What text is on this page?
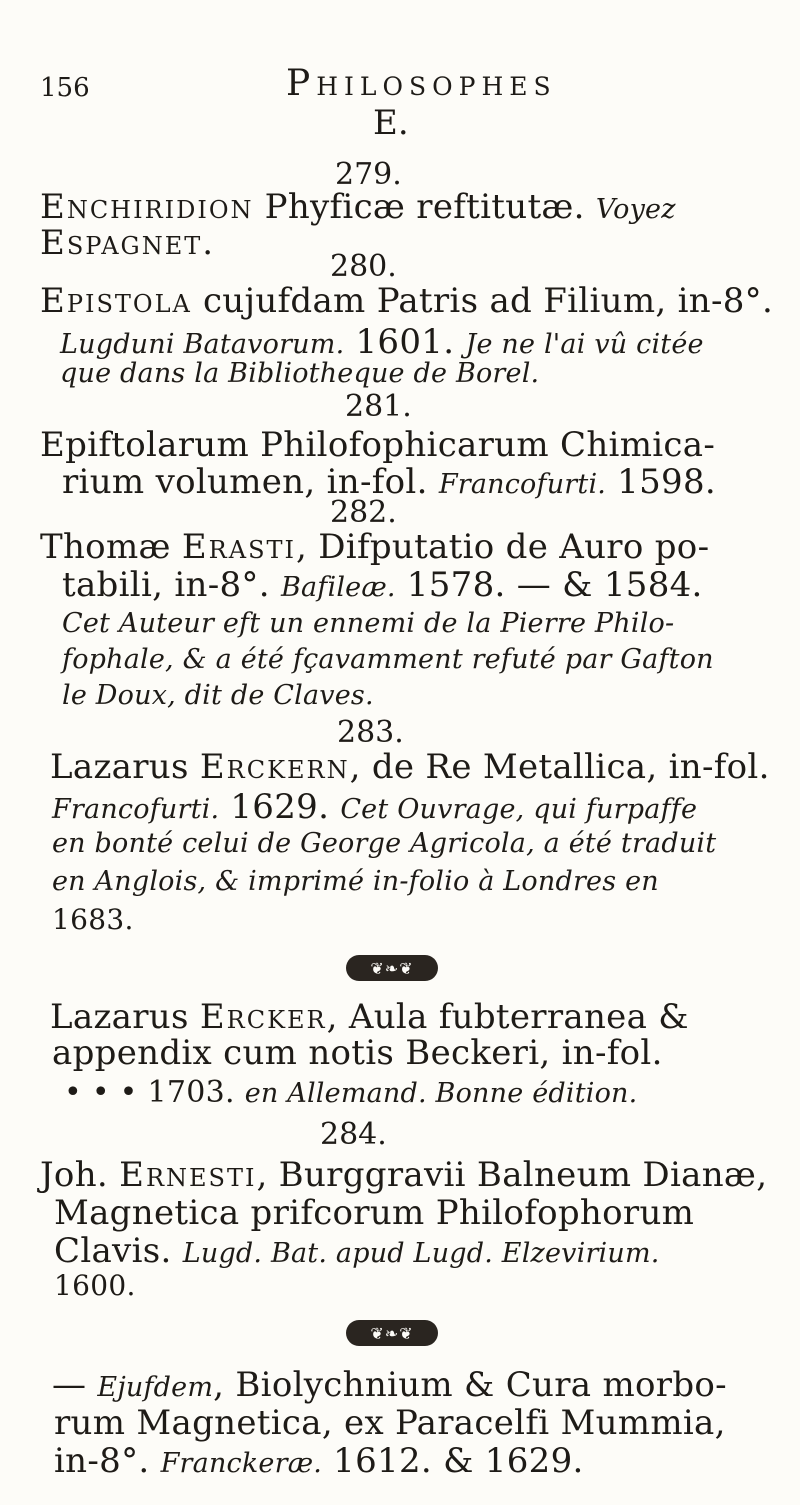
156	Philosophes
E.
279.
Enchiridion Phyficæ reftitutæ. Voyez
Espagnet.
280.
Epistola cujufdam Patris ad Filium, in-8°.
Lugduni Batavorum. 1601. Je ne l'ai vû citée
que dans la Bibliotheque de Borel.
281.
Epiftolarum Philofophicarum Chimica-
rium volumen, in-fol. Francofurti. 1598.
282.
Thomæ Erasti, Difputatio de Auro po-
tabili, in-8°. Bafileæ. 1578. — & 1584.
Cet Auteur eft un ennemi de la Pierre Philo-
fophale, & a été fçavamment refuté par Gafton
le Doux, dit de Claves.
283.
Lazarus Erckern, de Re Metallica, in-fol.
Francofurti. 1629. Cet Ouvrage, qui furpaffe
en bonté celui de George Agricola, a été traduit
en Anglois, & imprimé in-folio à Londres en
1683.
❦❧❦
Lazarus Ercker, Aula fubterranea &
appendix cum notis Beckeri, in-fol.
• • • 1703. en Allemand. Bonne édition.
284.
Joh. Ernesti, Burggravii Balneum Dianæ,
Magnetica prifcorum Philofophorum
Clavis. Lugd. Bat. apud Lugd. Elzevirium.
1600.
❦❧❦
— Ejufdem, Biolychnium & Cura morbo-
rum Magnetica, ex Paracelfi Mummia,
in-8°. Franckeræ. 1612. & 1629.
